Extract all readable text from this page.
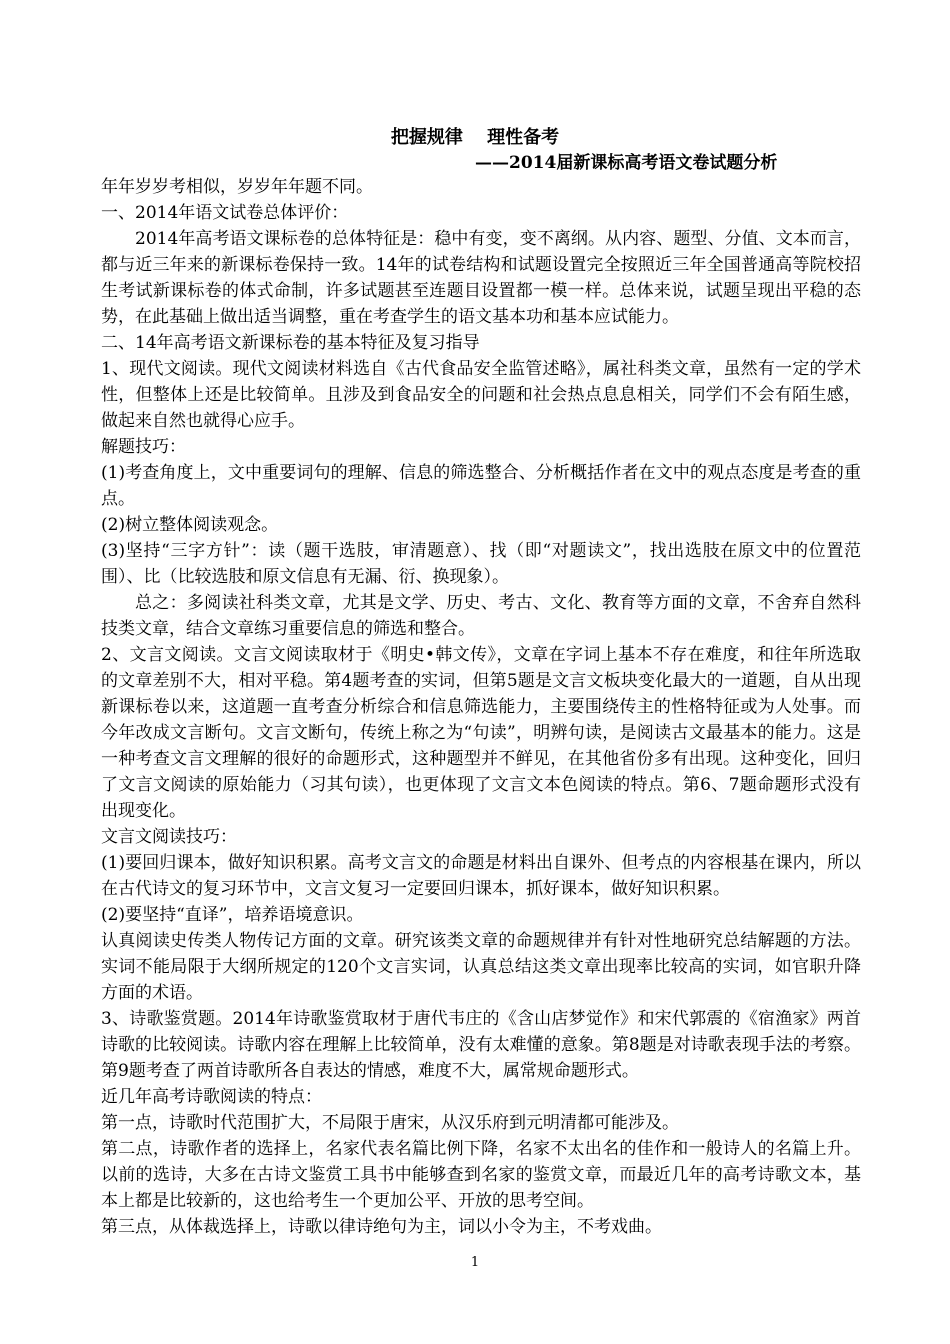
把握规律　 理性备考
——2014届新课标高考语文卷试题分析

年年岁岁考相似，岁岁年年题不同。

一、2014年语文试卷总体评价：

2014年高考语文课标卷的总体特征是：稳中有变，变不离纲。从内容、题型、分值、文本而言，都与近三年来的新课标卷保持一致。14年的试卷结构和试题设置完全按照近三年全国普通高等院校招生考试新课标卷的体式命制，许多试题甚至连题目设置都一模一样。总体来说，试题呈现出平稳的态势，在此基础上做出适当调整，重在考查学生的语文基本功和基本应试能力。

二、14年高考语文新课标卷的基本特征及复习指导

1、现代文阅读。现代文阅读材料选自《古代食品安全监管述略》，属社科类文章，虽然有一定的学术性，但整体上还是比较简单。且涉及到食品安全的问题和社会热点息息相关，同学们不会有陌生感，做起来自然也就得心应手。

解题技巧：

(1)考查角度上，文中重要词句的理解、信息的筛选整合、分析概括作者在文中的观点态度是考查的重点。

(2)树立整体阅读观念。

(3)坚持“三字方针”：读（题干选肢，审清题意）、找（即“对题读文”，找出选肢在原文中的位置范围）、比（比较选肢和原文信息有无漏、衍、换现象）。

总之：多阅读社科类文章，尤其是文学、历史、考古、文化、教育等方面的文章，不舍弃自然科技类文章，结合文章练习重要信息的筛选和整合。

2、文言文阅读。文言文阅读取材于《明史•韩文传》，文章在字词上基本不存在难度，和往年所选取的文章差别不大，相对平稳。第4题考查的实词，但第5题是文言文板块变化最大的一道题，自从出现新课标卷以来，这道题一直考查分析综合和信息筛选能力，主要围绕传主的性格特征或为人处事。而今年改成文言断句。文言文断句，传统上称之为“句读”，明辨句读，是阅读古文最基本的能力。这是一种考查文言文理解的很好的命题形式，这种题型并不鲜见，在其他省份多有出现。这种变化，回归了文言文阅读的原始能力（习其句读），也更体现了文言文本色阅读的特点。第6、7题命题形式没有出现变化。

文言文阅读技巧：

(1)要回归课本，做好知识积累。高考文言文的命题是材料出自课外、但考点的内容根基在课内，所以在古代诗文的复习环节中，文言文复习一定要回归课本，抓好课本，做好知识积累。

(2)要坚持“直译”，培养语境意识。

认真阅读史传类人物传记方面的文章。研究该类文章的命题规律并有针对性地研究总结解题的方法。实词不能局限于大纲所规定的120个文言实词，认真总结这类文章出现率比较高的实词，如官职升降方面的术语。

3、诗歌鉴赏题。2014年诗歌鉴赏取材于唐代韦庄的《含山店梦觉作》和宋代郭震的《宿渔家》两首诗歌的比较阅读。诗歌内容在理解上比较简单，没有太难懂的意象。第8题是对诗歌表现手法的考察。第9题考查了两首诗歌所各自表达的情感，难度不大，属常规命题形式。

近几年高考诗歌阅读的特点：

第一点，诗歌时代范围扩大，不局限于唐宋，从汉乐府到元明清都可能涉及。

第二点，诗歌作者的选择上，名家代表名篇比例下降，名家不太出名的佳作和一般诗人的名篇上升。以前的选诗，大多在古诗文鉴赏工具书中能够查到名家的鉴赏文章，而最近几年的高考诗歌文本，基本上都是比较新的，这也给考生一个更加公平、开放的思考空间。

第三点，从体裁选择上，诗歌以律诗绝句为主，词以小令为主，不考戏曲。

1
